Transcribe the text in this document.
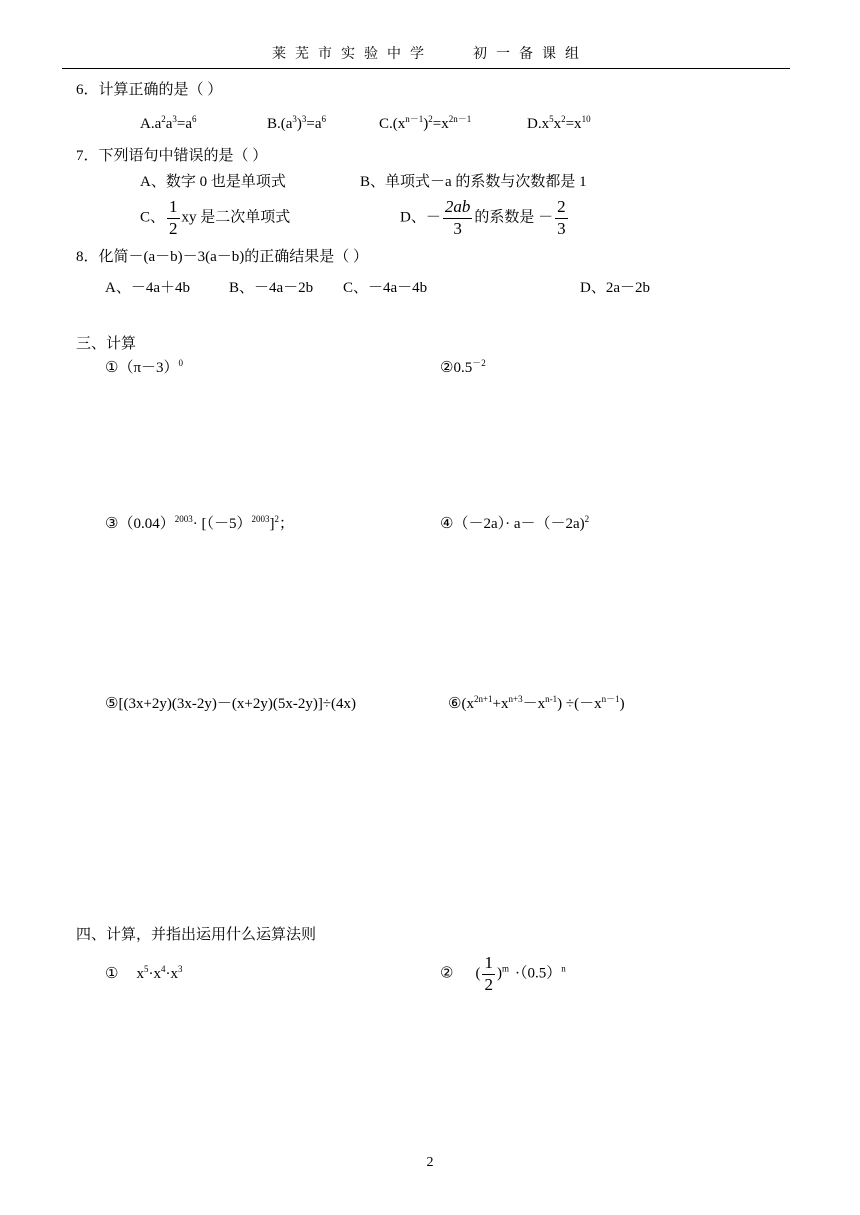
莱芜市实验中学	初一备课组
6．计算正确的是（ ）
$A.a^2a^3=a^6$	$B.(a^3)^3=a^6$	$C.(x^{n-1})^2=x^{2n-1}$	$D.x^5x^2=x^{10}$
7．下列语句中错误的是（ ）
A、数字 0 也是单项式	B、单项式－a 的系数与次数都是 1
C、 $\frac{1}{2}$ xy 是二次单项式	D、－ $\frac{2ab}{3}$ 的系数是 － $\frac{2}{3}$
8．化简－(a－b)－3(a－b)的正确结果是（ ）
A、－4a＋4b	B、－4a－2b C、－4a－4b	D、2a－2b
三、计算
$①(\pi-3)^0$	$②0.5^{-2}$
$③(0.04)^{2003}\cdot [(-5)^{2003}]^2$；	④（－2a）· a－（－2a)$^2$
⑤[(3x+2y)(3x-2y)－(x+2y)(5x-2y)]÷(4x)	$⑥(x^{2n+1}+x^{n+3}-x^{n-1}) \div(-x^{n-1})$
四、计算，并指出运用什么运算法则
① $x^5\cdot x^4\cdot x^3$	② ( $\frac{1}{2} )^m \cdot(0.5)^n$
2
